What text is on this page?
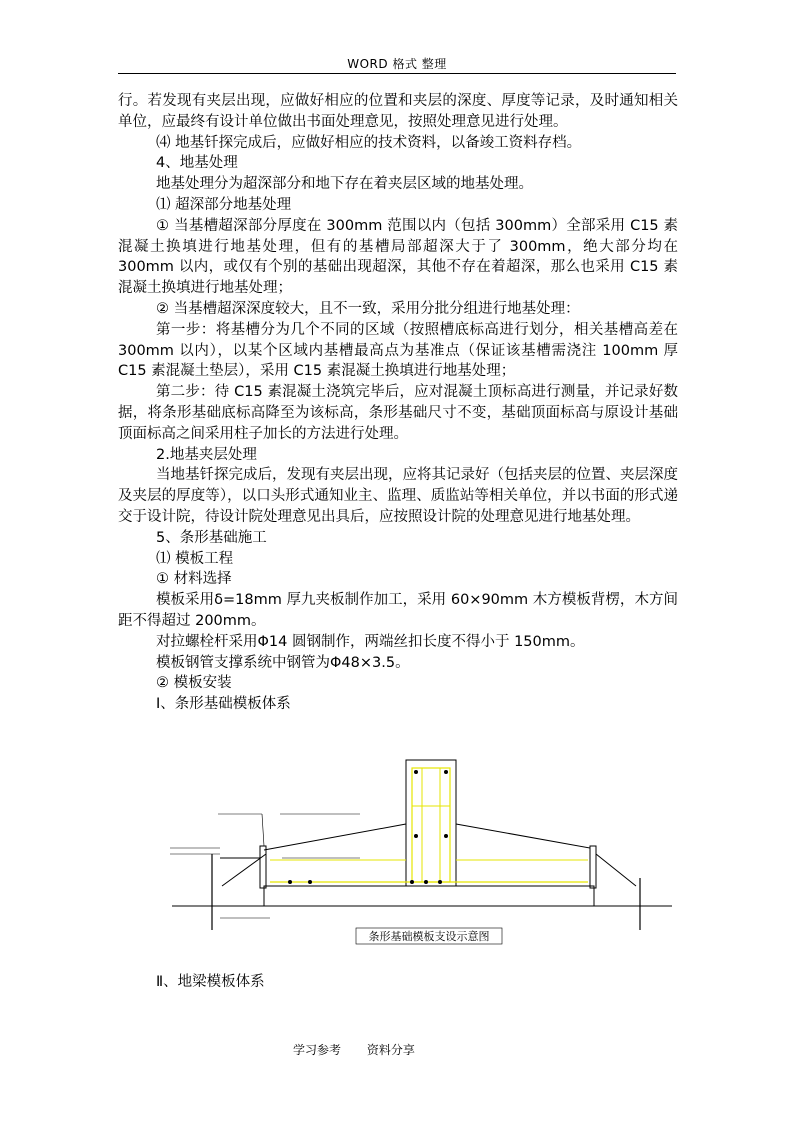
WORD 格式 整理

行。若发现有夹层出现，应做好相应的位置和夹层的深度、厚度等记录，及时通知相关单位，应最终有设计单位做出书面处理意见，按照处理意见进行处理。

⑷ 地基钎探完成后，应做好相应的技术资料，以备竣工资料存档。

4、地基处理

地基处理分为超深部分和地下存在着夹层区域的地基处理。

⑴ 超深部分地基处理

① 当基槽超深部分厚度在 300mm 范围以内（包括 300mm）全部采用 C15 素混凝土换填进行地基处理，但有的基槽局部超深大于了 300mm，绝大部分均在 300mm 以内，或仅有个别的基础出现超深，其他不存在着超深，那么也采用 C15 素混凝土换填进行地基处理；

② 当基槽超深深度较大，且不一致，采用分批分组进行地基处理：

第一步：将基槽分为几个不同的区域（按照槽底标高进行划分，相关基槽高差在 300mm 以内），以某个区域内基槽最高点为基准点（保证该基槽需浇注 100mm 厚 C15 素混凝土垫层），采用 C15 素混凝土换填进行地基处理；

第二步：待 C15 素混凝土浇筑完毕后，应对混凝土顶标高进行测量，并记录好数据，将条形基础底标高降至为该标高，条形基础尺寸不变，基础顶面标高与原设计基础顶面标高之间采用柱子加长的方法进行处理。

2.地基夹层处理

当地基钎探完成后，发现有夹层出现，应将其记录好（包括夹层的位置、夹层深度及夹层的厚度等），以口头形式通知业主、监理、质监站等相关单位，并以书面的形式递交于设计院，待设计院处理意见出具后，应按照设计院的处理意见进行地基处理。

5、条形基础施工

⑴ 模板工程

① 材料选择

模板采用δ=18mm 厚九夹板制作加工，采用 60×90mm 木方模板背楞，木方间距不得超过 200mm。

对拉螺栓杆采用Φ14 圆钢制作，两端丝扣长度不得小于 150mm。

模板钢管支撑系统中钢管为Φ48×3.5。

② 模板安装

Ⅰ、条形基础模板体系

条形基础模板支设示意图
Ⅱ、地梁模板体系
学习参考 资料分享
